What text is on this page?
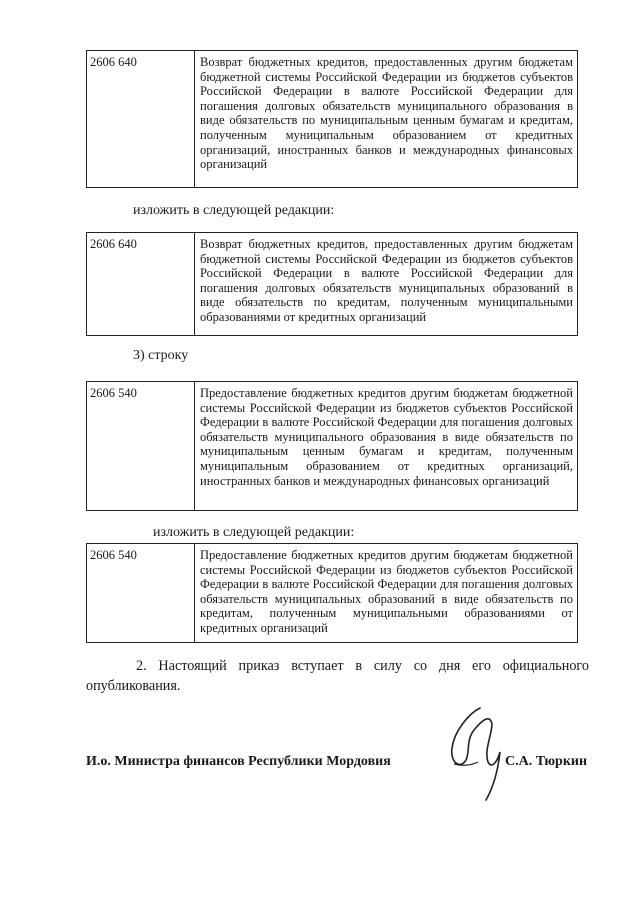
2606 640	Возврат бюджетных кредитов, предоставленных другим бюджетам бюджетной системы Российской Федерации из бюджетов субъектов Российской Федерации в валюте Российской Федерации для погашения долговых обязательств муниципального образования в виде обязательств по муниципальным ценным бумагам и кредитам, полученным муниципальным образованием от кредитных организаций, иностранных банков и международных финансовых организаций
изложить в следующей редакции:
2606 640	Возврат бюджетных кредитов, предоставленных другим бюджетам бюджетной системы Российской Федерации из бюджетов субъектов Российской Федерации в валюте Российской Федерации для погашения долговых обязательств муниципальных образований в виде обязательств по кредитам, полученным муниципальными образованиями от кредитных организаций
3) строку
2606 540	Предоставление бюджетных кредитов другим бюджетам бюджетной системы Российской Федерации из бюджетов субъектов Российской Федерации в валюте Российской Федерации для погашения долговых обязательств муниципального образования в виде обязательств по муниципальным ценным бумагам и кредитам, полученным муниципальным образованием от кредитных организаций, иностранных банков и международных финансовых организаций
изложить в следующей редакции:
2606 540	Предоставление бюджетных кредитов другим бюджетам бюджетной системы Российской Федерации из бюджетов субъектов Российской Федерации в валюте Российской Федерации для погашения долговых обязательств муниципальных образований в виде обязательств по кредитам, полученным муниципальными образованиями от кредитных организаций
2. Настоящий приказ вступает в силу со дня его официального опубликования.
И.о. Министра финансов Республики Мордовия	С.А. Тюркин
